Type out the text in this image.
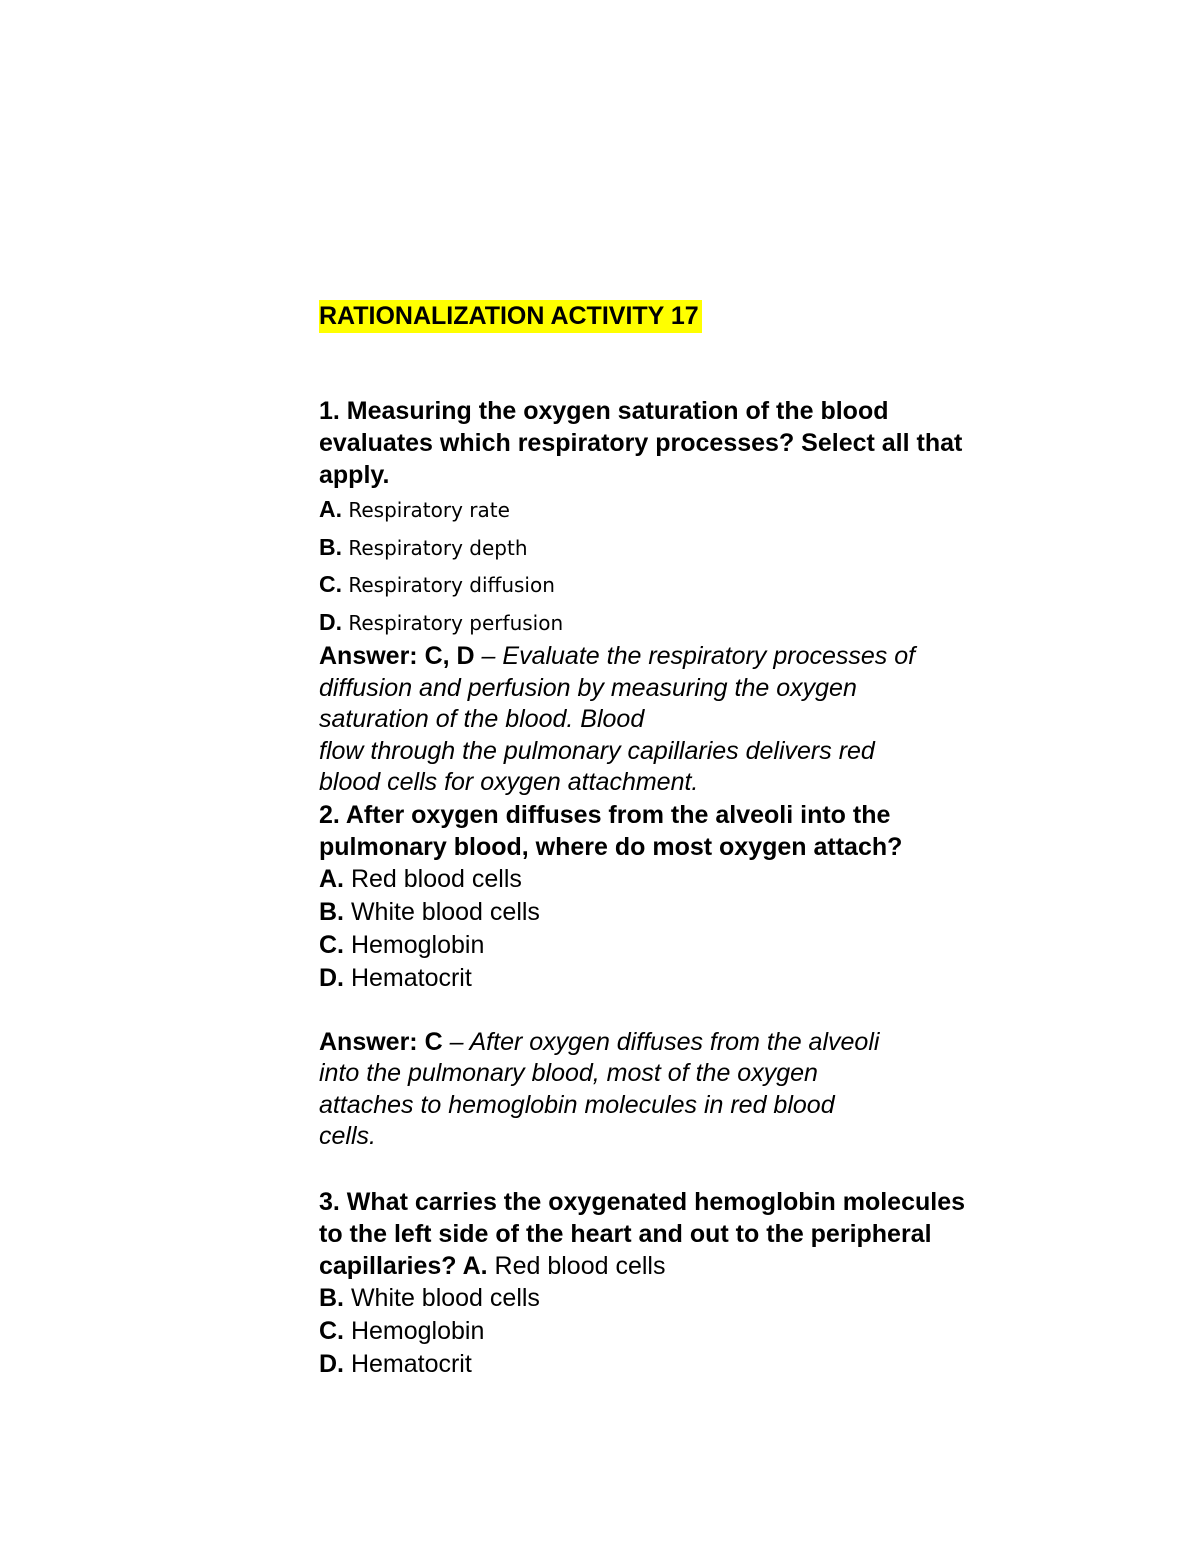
RATIONALIZATION ACTIVITY 17

1. Measuring the oxygen saturation of the blood

evaluates which respiratory processes? Select all that

apply.

A. Respiratory rate

B. Respiratory depth

C. Respiratory diffusion

D. Respiratory perfusion

Answer: C, D – Evaluate the respiratory processes of

diffusion and perfusion by measuring the oxygen

saturation of the blood. Blood

flow through the pulmonary capillaries delivers red

blood cells for oxygen attachment.

2. After oxygen diffuses from the alveoli into the

pulmonary blood, where do most oxygen attach?

A. Red blood cells

B. White blood cells

C. Hemoglobin

D. Hematocrit

Answer: C – After oxygen diffuses from the alveoli

into the pulmonary blood, most of the oxygen

attaches to hemoglobin molecules in red blood

cells.

3. What carries the oxygenated hemoglobin molecules

to the left side of the heart and out to the peripheral

capillaries? A. Red blood cells

B. White blood cells

C. Hemoglobin

D. Hematocrit
